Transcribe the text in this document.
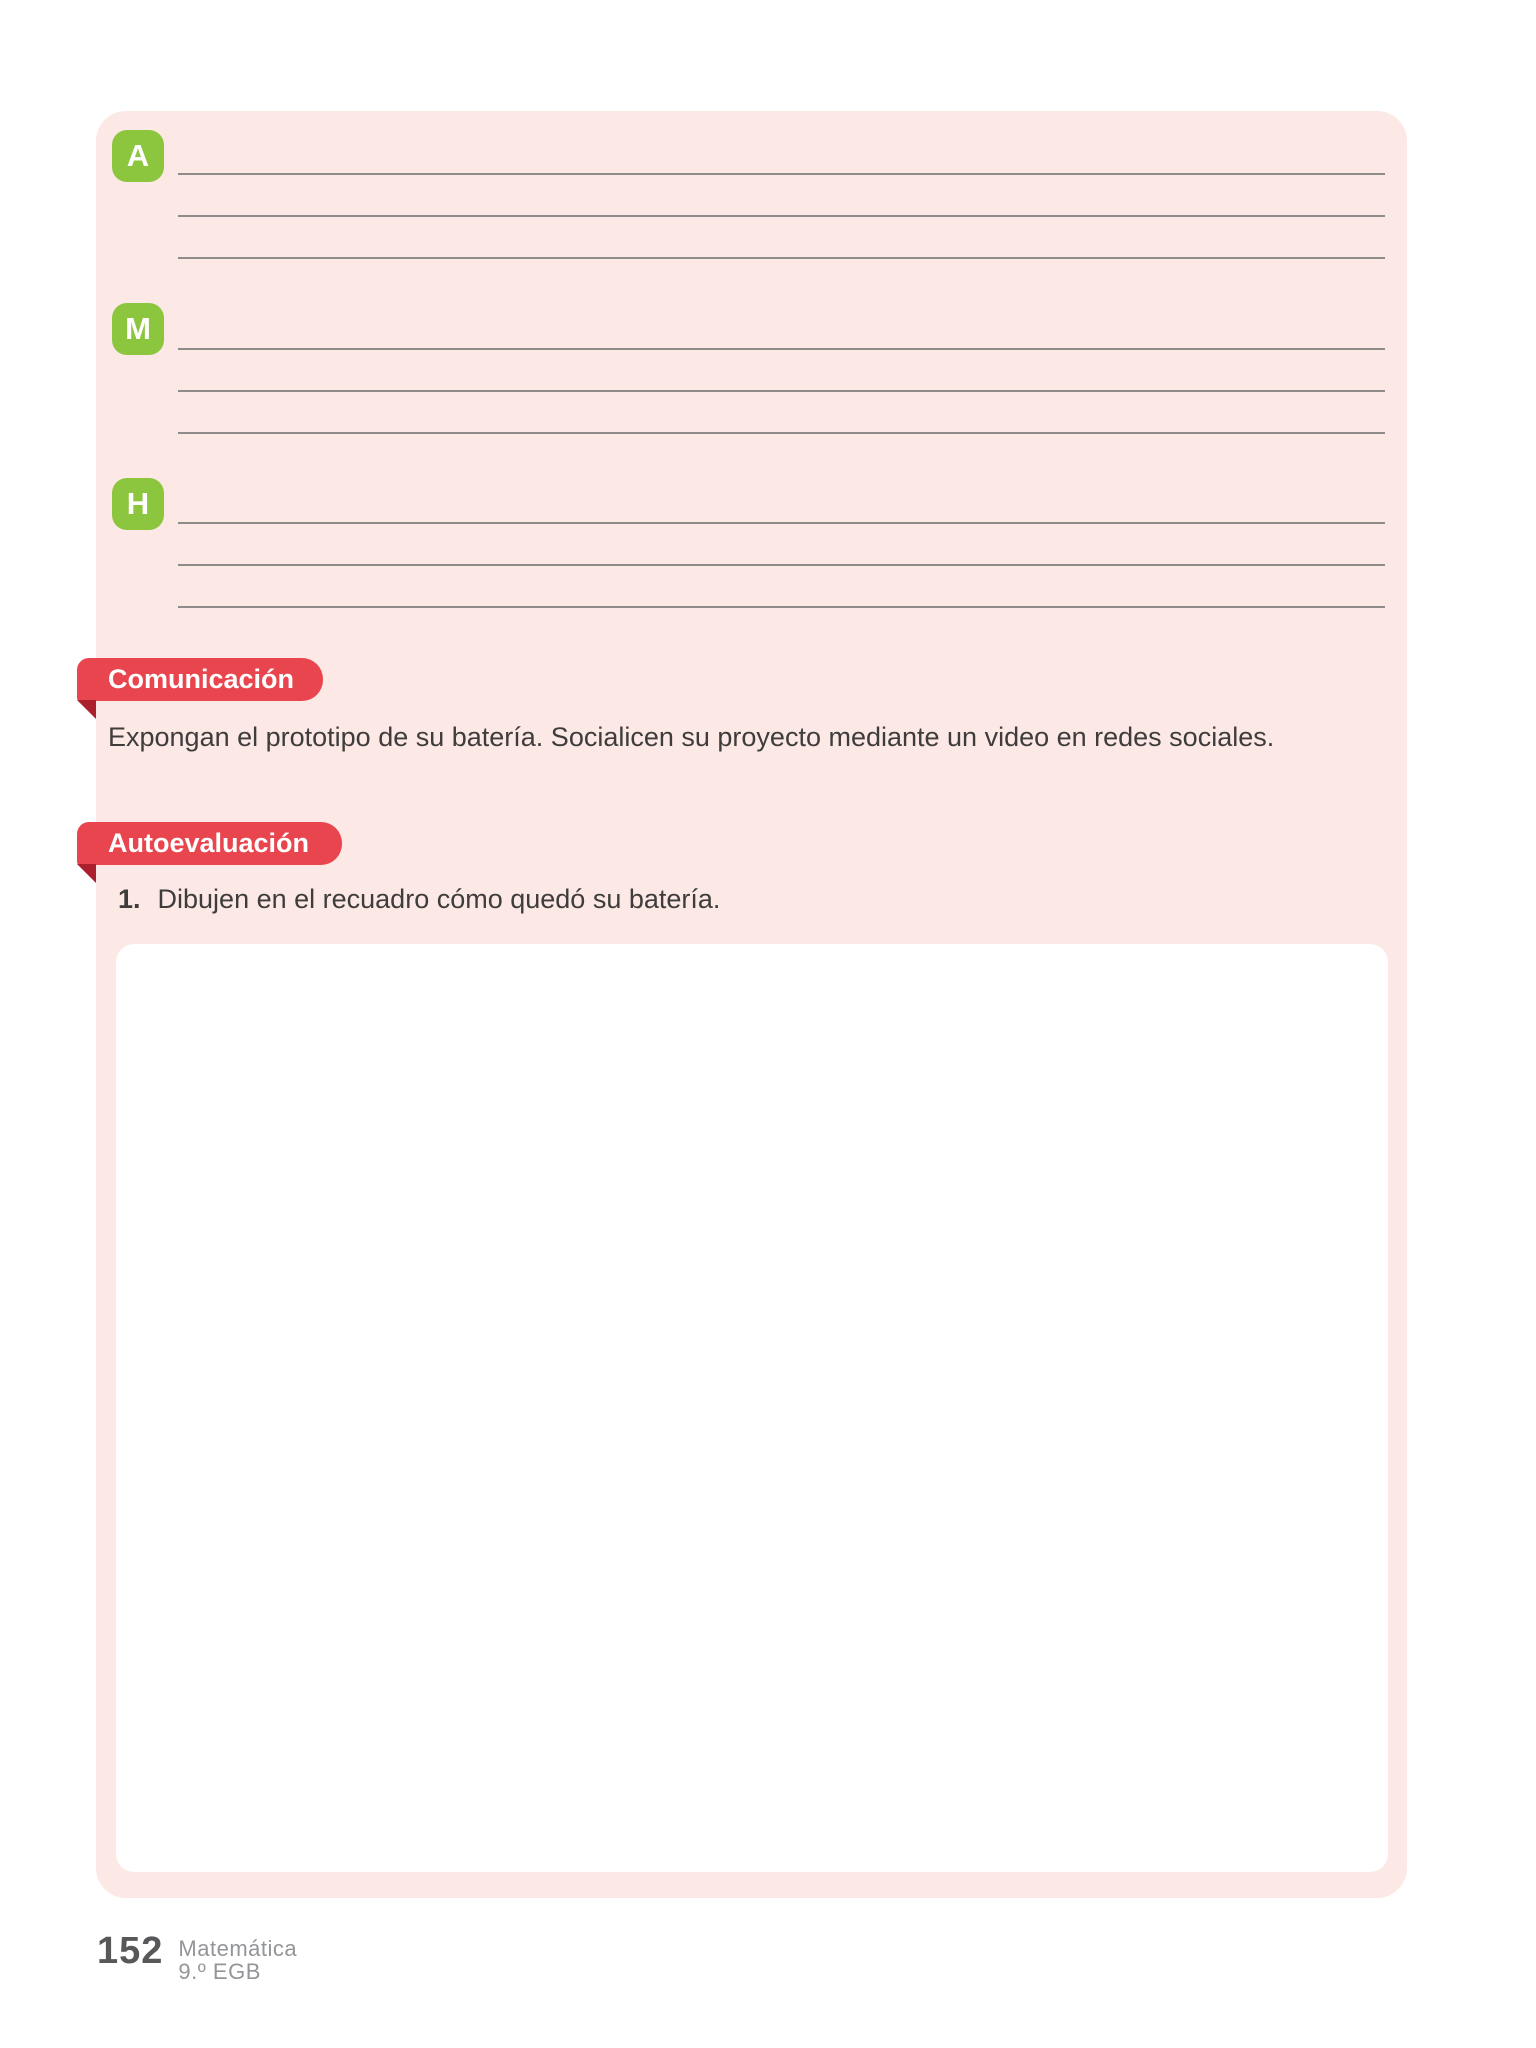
A
M
H
Comunicación
Expongan el prototipo de su batería. Socialicen su proyecto mediante un video en redes sociales.
Autoevaluación
1. Dibujen en el recuadro cómo quedó su batería.
152 Matemática
9.º EGB
